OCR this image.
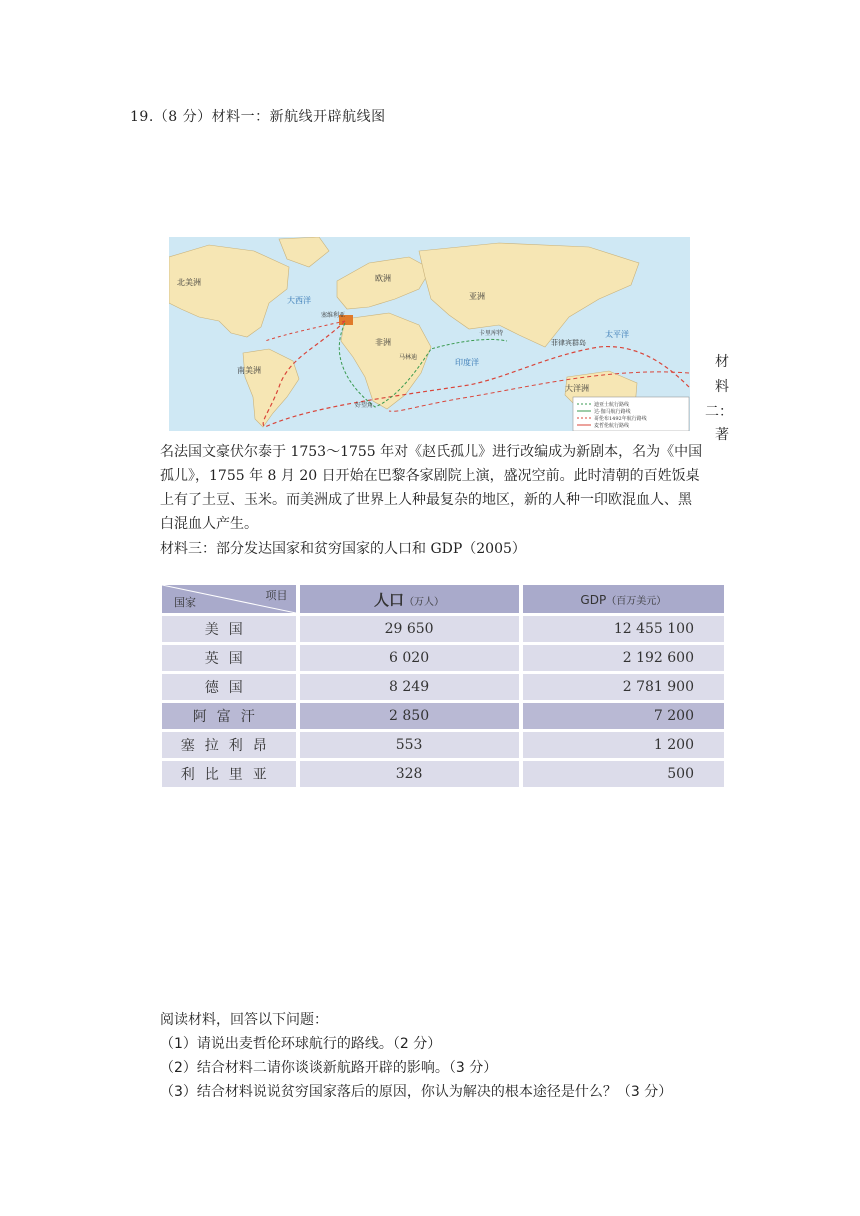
19.（8 分）材料一：新航线开辟航线图
北美洲
南美洲
欧洲
亚洲
非洲
大洋洲
大西洋
印度洋
太平洋
菲律宾群岛
好望角
卡里库特
马林迪
塞维利亚
迪亚士航行路线
达·伽马航行路线
哥伦布1492年航行路线
麦哲伦航行路线
材
料
二：
著
名法国文豪伏尔泰于 1753～1755 年对《赵氏孤儿》进行改编成为新剧本，名为《中国
孤儿》，1755 年 8 月 20 日开始在巴黎各家剧院上演，盛况空前。此时清朝的百姓饭桌
上有了土豆、玉米。而美洲成了世界上人种最复杂的地区，新的人种一印欧混血人、黑
白混血人产生。
材料三：部分发达国家和贫穷国家的人口和 GDP（2005）
项目
国家	人口（万人）	GDP（百万美元）
美国	29 650	12 455 100
英国	6 020	2 192 600
德国	8 249	2 781 900
阿富汗	2 850	7 200
塞拉利昂	553	1 200
利比里亚	328	500
阅读材料，回答以下问题：
（1）请说出麦哲伦环球航行的路线。（2 分）
（2）结合材料二请你谈谈新航路开辟的影响。（3 分）
（3）结合材料说说贫穷国家落后的原因，你认为解决的根本途径是什么？（3 分）
